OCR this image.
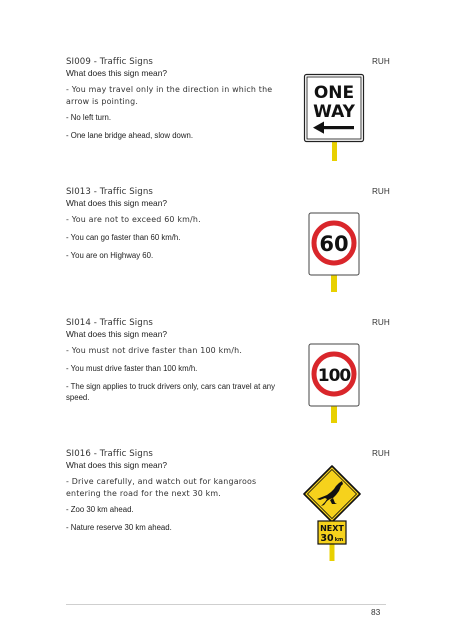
SI009 - Traffic Signs
What does this sign mean?
RUH
- You may travel only in the direction in which the arrow is pointing.
- No left turn.
- One lane bridge ahead, slow down.
ONE
WAY
SI013 - Traffic Signs
What does this sign mean?
RUH
- You are not to exceed 60 km/h.
- You can go faster than 60 km/h.
- You are on Highway 60.	60
SI014 - Traffic Signs
What does this sign mean?
RUH
- You must not drive faster than 100 km/h.
- You must drive faster than 100 km/h.
- The sign applies to truck drivers only, cars can travel at any speed.
100
SI016 - Traffic Signs
What does this sign mean?
RUH
- Drive carefully, and watch out for kangaroos entering the road for the next 30 km.
- Zoo 30 km ahead.
- Nature reserve 30 km ahead.	NEXT
30 km
83
